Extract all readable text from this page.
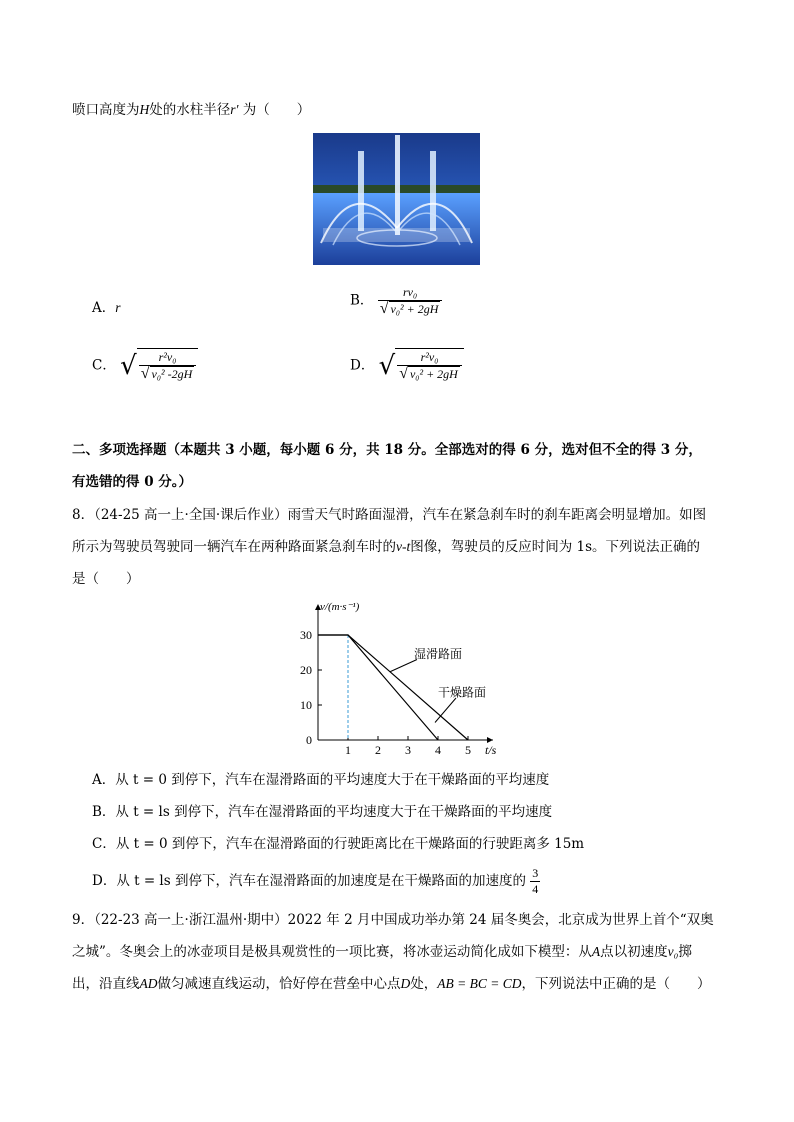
喷口高度为H处的水柱半径r′ 为（　　）
A．r	B． $\frac{\text{rv₀}}{\text{√ v₀² + 2gH}}$
C． √ $\frac{\text{r²v₀}}{\text{√ v₀² -2gH}}$	D． √ $\frac{\text{r²v₀}}{\text{√ v₀² + 2gH}}$
二、多项选择题（本题共 3 小题，每小题 6 分，共 18 分。全部选对的得 6 分，选对但不全的得 3 分，
有选错的得 0 分。）
8．（24-25 高一上·全国·课后作业）雨雪天气时路面湿滑，汽车在紧急刹车时的刹车距离会明显增加。如图
所示为驾驶员驾驶同一辆汽车在两种路面紧急刹车时的v-t图像，驾驶员的反应时间为 1s。下列说法正确的
是（　　）
0
10
20
30
1 2 3 4 5
v/(m·s⁻¹)
t/s
湿滑路面
干燥路面
A．从 t = 0 到停下，汽车在湿滑路面的平均速度大于在干燥路面的平均速度
B．从 t = ls 到停下，汽车在湿滑路面的平均速度大于在干燥路面的平均速度
C．从 t = 0 到停下，汽车在湿滑路面的行驶距离比在干燥路面的行驶距离多 15m
D．从 t = ls 到停下，汽车在湿滑路面的加速度是在干燥路面的加速度的 $\frac{3}{4}$
9．（22-23 高一上·浙江温州·期中）2022 年 2 月中国成功举办第 24 届冬奥会，北京成为世界上首个“双奥
之城”。冬奥会上的冰壶项目是极具观赏性的一项比赛，将冰壶运动简化成如下模型：从A点以初速度v₀掷
出，沿直线AD做匀减速直线运动，恰好停在营垒中心点D处，AB = BC = CD，下列说法中正确的是（　　）
